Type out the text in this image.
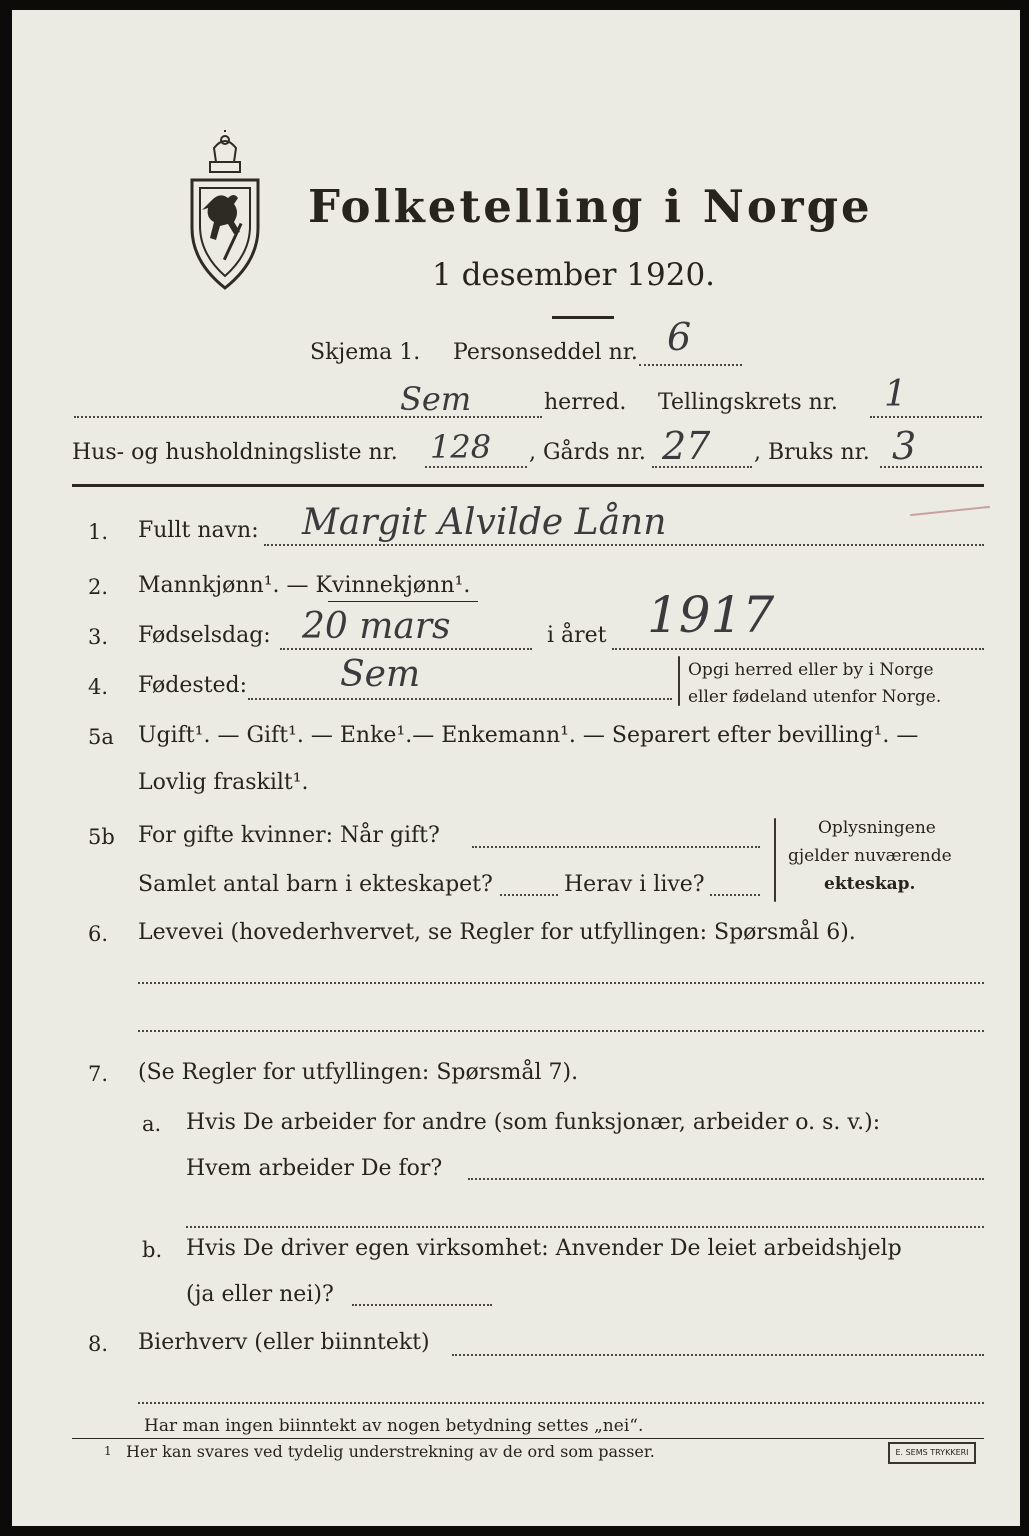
Folketelling i Norge
1 desember 1920.
Skjema 1. Personseddel nr. 6
Sem	herred. Tellingskrets nr. 1
Hus- og husholdningsliste nr. 128 , Gårds nr. 27 , Bruks nr. 3
1. Fullt navn: Margit Alvilde Lånn
2. Mannkjønn¹. — Kvinnekjønn¹.
3. Fødselsdag: 20 mars	i året 1917
4. Fødested:	Sem	Opgi herred eller by i Norge
eller fødeland utenfor Norge.
5a Ugift¹. — Gift¹. — Enke¹.— Enkemann¹. — Separert efter bevilling¹. —
Lovlig fraskilt¹.
5b For gifte kvinner: Når gift?
Samlet antal barn i ekteskapet?	Herav i live?
Oplysningene
gjelder nuværende
ekteskap.
6. Levevei (hovederhvervet, se Regler for utfyllingen: Spørsmål 6).
7. (Se Regler for utfyllingen: Spørsmål 7).
a. Hvis De arbeider for andre (som funksjonær, arbeider o. s. v.):
Hvem arbeider De for?
b. Hvis De driver egen virksomhet: Anvender De leiet arbeidshjelp
(ja eller nei)?
8. Bierhverv (eller biinntekt)
Har man ingen biinntekt av nogen betydning settes „nei“.
1 Her kan svares ved tydelig understrekning av de ord som passer.	E. SEMS TRYKKERI
